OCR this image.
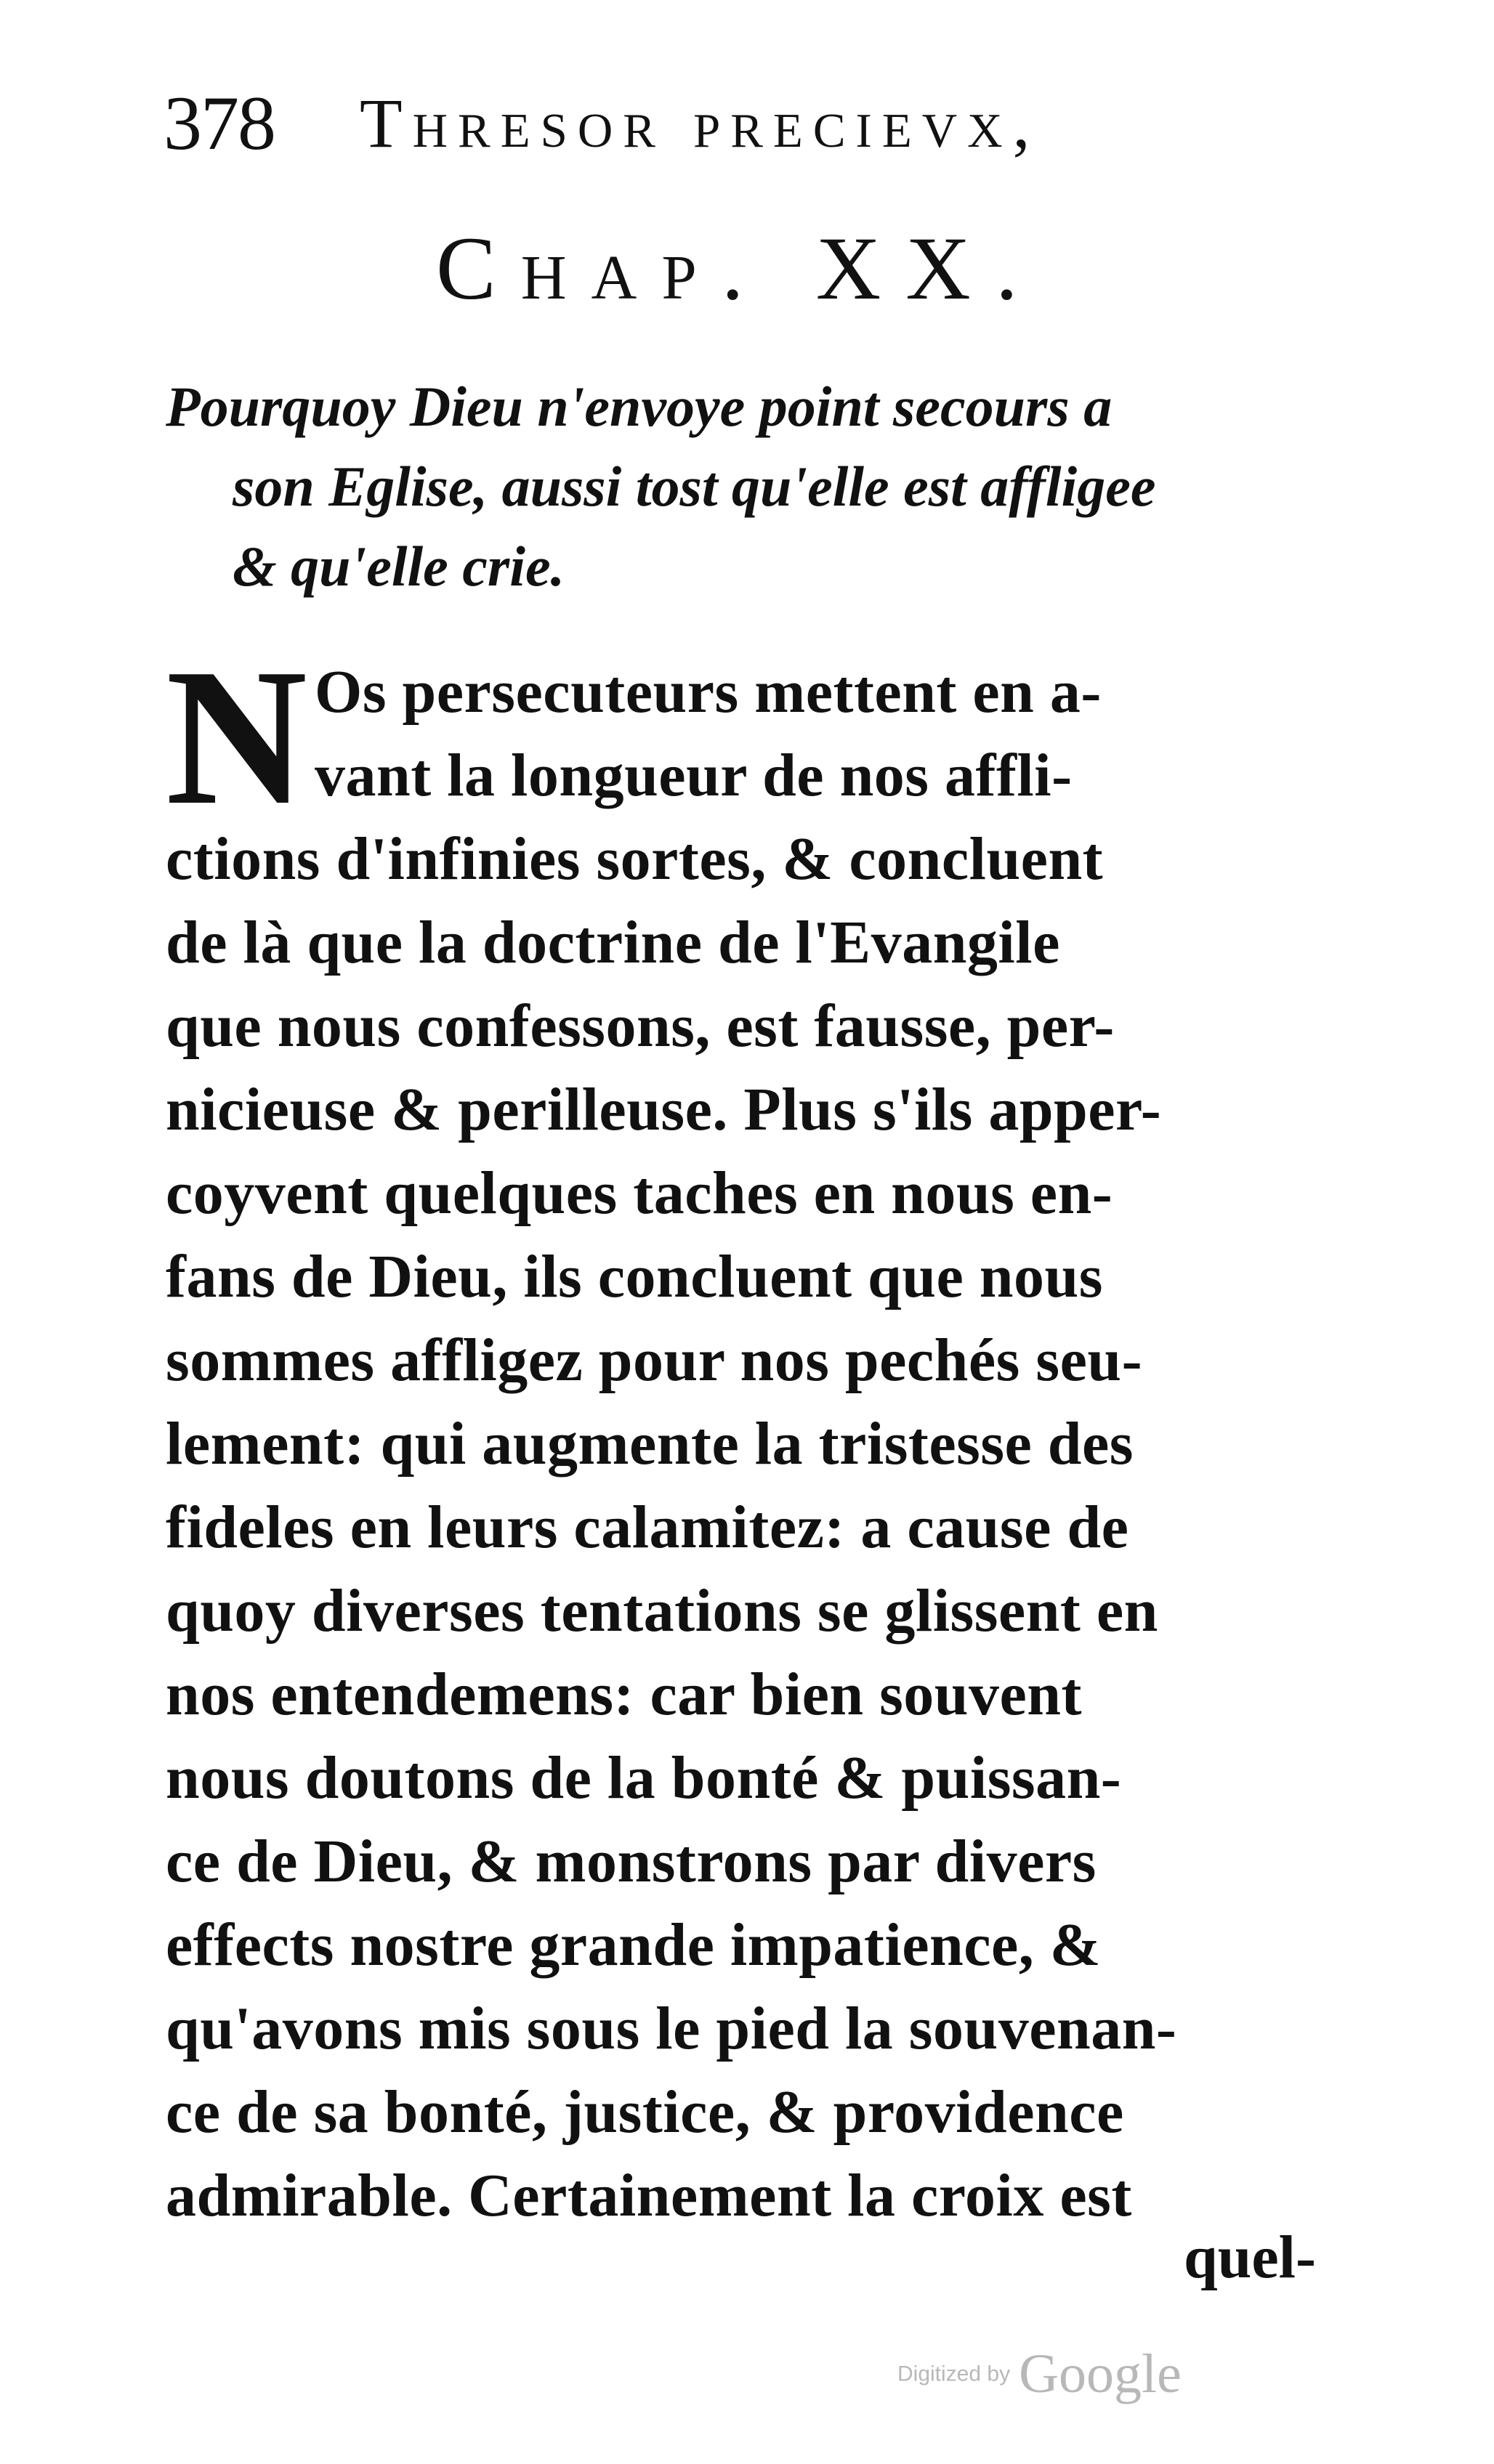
378 Thresor precievx,
Chap. XX.
Pourquoy Dieu n'envoye point secours a
son Eglise, aussi tost qu'elle est affligee
& qu'elle crie.
N Os persecuteurs mettent en a-
vant la longueur de nos affli-
ctions d'infinies sortes, & concluent
de là que la doctrine de l'Evangile
que nous confessons, est fausse, per-
nicieuse & perilleuse. Plus s'ils apper-
coyvent quelques taches en nous en-
fans de Dieu, ils concluent que nous
sommes affligez pour nos pechés seu-
lement: qui augmente la tristesse des
fideles en leurs calamitez: a cause de
quoy diverses tentations se glissent en
nos entendemens: car bien souvent
nous doutons de la bonté & puissan-
ce de Dieu, & monstrons par divers
effects nostre grande impatience, &
qu'avons mis sous le pied la souvenan-
ce de sa bonté, justice, & providence
admirable. Certainement la croix est
quel-
Digitized by Google
